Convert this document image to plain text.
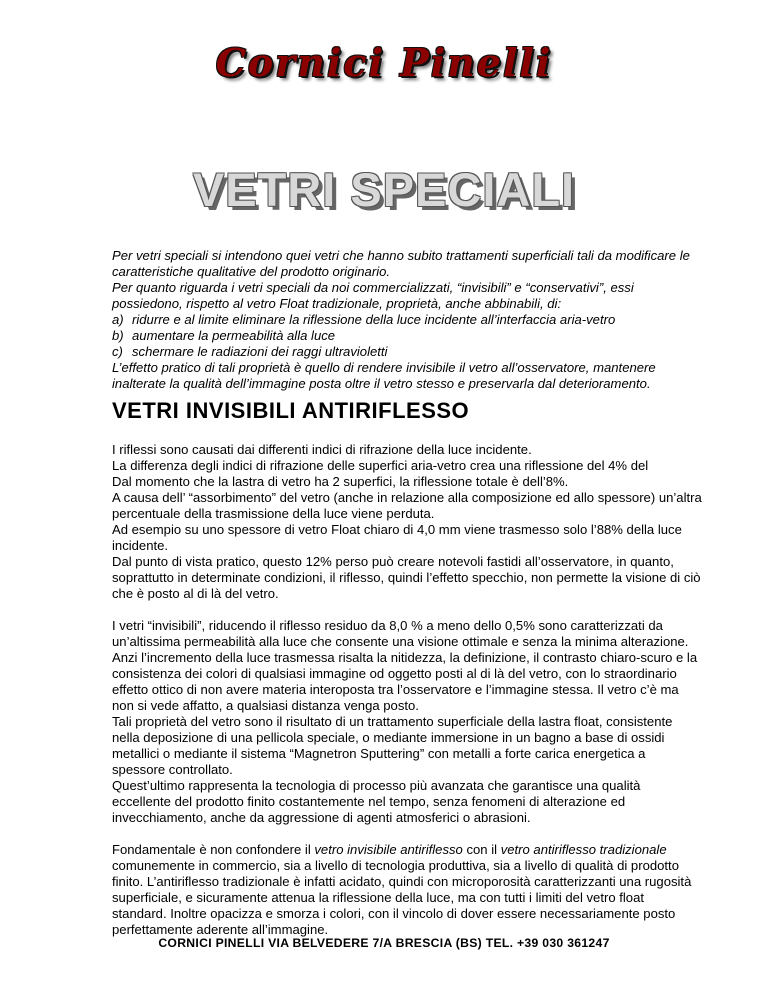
Cornici Pinelli
VETRI SPECIALI

Per vetri speciali si intendono quei vetri che hanno subito trattamenti superficiali tali da modificare le caratteristiche qualitative del prodotto originario.

Per quanto riguarda i vetri speciali da noi commercializzati, “invisibili” e “conservativi”, essi possiedono, rispetto al vetro Float tradizionale, proprietà, anche abbinabili, di:

a) ridurre e al limite eliminare la riflessione della luce incidente all’interfaccia aria-vetro
b) aumentare la permeabilità alla luce
c) schermare le radiazioni dei raggi ultravioletti

L’effetto pratico di tali proprietà è quello di rendere invisibile il vetro all’osservatore, mantenere inalterate la qualità dell’immagine posta oltre il vetro stesso e preservarla dal deterioramento.

VETRI INVISIBILI ANTIRIFLESSO

I riflessi sono causati dai differenti indici di rifrazione della luce incidente.

La differenza degli indici di rifrazione delle superfici aria-vetro crea una riflessione del 4% del

Dal momento che la lastra di vetro ha 2 superfici, la riflessione totale è dell’8%.

A causa dell’ “assorbimento” del vetro (anche in relazione alla composizione ed allo spessore) un’altra percentuale della trasmissione della luce viene perduta.

Ad esempio su uno spessore di vetro Float chiaro di 4,0 mm viene trasmesso solo l’88% della luce incidente.

Dal punto di vista pratico, questo 12% perso può creare notevoli fastidi all’osservatore, in quanto, soprattutto in determinate condizioni, il riflesso, quindi l’effetto specchio, non permette la visione di ciò che è posto al di là del vetro.

I vetri “invisibili”, riducendo il riflesso residuo da 8,0 % a meno dello 0,5% sono caratterizzati da un’altissima permeabilità alla luce che consente una visione ottimale e senza la minima alterazione.

Anzi l’incremento della luce trasmessa risalta la nitidezza, la definizione, il contrasto chiaro-scuro e la consistenza dei colori di qualsiasi immagine od oggetto posti al di là del vetro, con lo straordinario effetto ottico di non avere materia interoposta tra l’osservatore e l’immagine stessa. Il vetro c’è ma non si vede affatto, a qualsiasi distanza venga posto.

Tali proprietà del vetro sono il risultato di un trattamento superficiale della lastra float, consistente nella deposizione di una pellicola speciale, o mediante immersione in un bagno a base di ossidi metallici o mediante il sistema “Magnetron Sputtering” con metalli a forte carica energetica a spessore controllato.

Quest’ultimo rappresenta la tecnologia di processo più avanzata che garantisce una qualità eccellente del prodotto finito costantemente nel tempo, senza fenomeni di alterazione ed invecchiamento, anche da aggressione di agenti atmosferici o abrasioni.

Fondamentale è non confondere il vetro invisibile antiriflesso con il vetro antiriflesso tradizionale comunemente in commercio, sia a livello di tecnologia produttiva, sia a livello di qualità di prodotto finito. L’antiriflesso tradizionale è infatti acidato, quindi con microporosità caratterizzanti una rugosità superficiale, e sicuramente attenua la riflessione della luce, ma con tutti i limiti del vetro float standard. Inoltre opacizza e smorza i colori, con il vincolo di dover essere necessariamente posto perfettamente aderente all’immagine.

CORNICI PINELLI VIA BELVEDERE 7/A BRESCIA (BS) TEL. +39 030 361247
